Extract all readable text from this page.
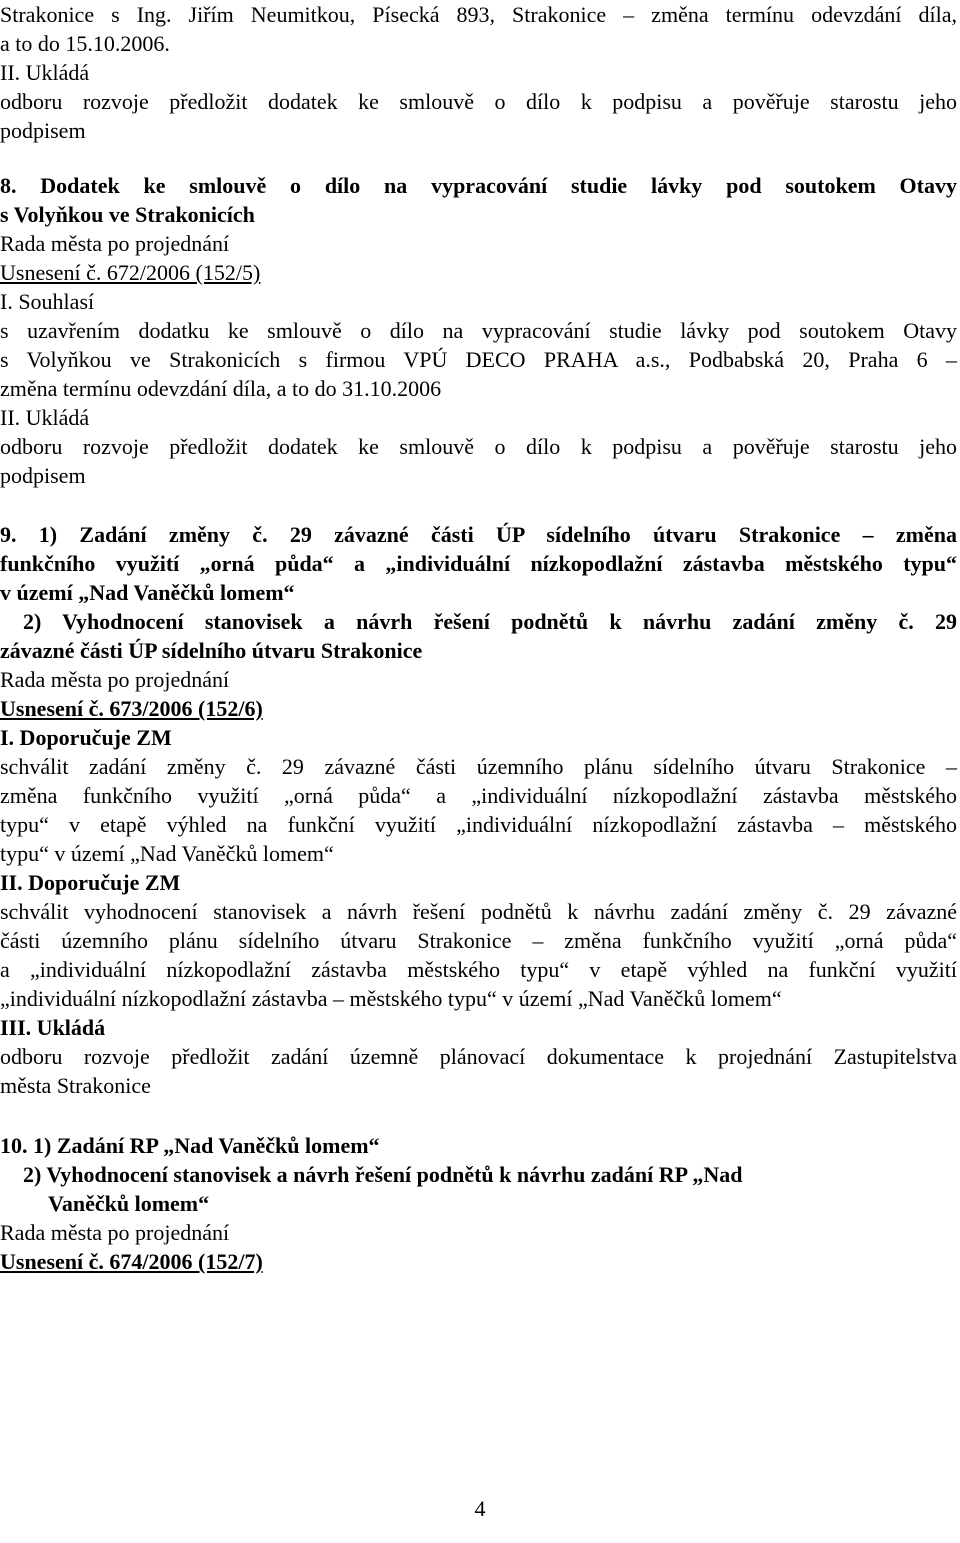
Strakonice s Ing. Jiřím Neumitkou, Písecká 893, Strakonice – změna termínu odevzdání díla,
a to do 15.10.2006.
II. Ukládá
odboru rozvoje předložit dodatek ke smlouvě o dílo k podpisu a pověřuje starostu jeho
podpisem
8. Dodatek ke smlouvě o dílo na vypracování studie lávky pod soutokem Otavy
s Volyňkou ve Strakonicích
Rada města po projednání
Usnesení č. 672/2006 (152/5)
I. Souhlasí
s uzavřením dodatku ke smlouvě o dílo na vypracování studie lávky pod soutokem Otavy
s Volyňkou ve Strakonicích s firmou VPÚ DECO PRAHA a.s., Podbabská 20, Praha 6 –
změna termínu odevzdání díla, a to do 31.10.2006
II. Ukládá
odboru rozvoje předložit dodatek ke smlouvě o dílo k podpisu a pověřuje starostu jeho
podpisem
9. 1) Zadání změny č. 29 závazné části ÚP sídelního útvaru Strakonice – změna
funkčního využití „orná půda“ a „individuální nízkopodlažní zástavba městského typu“
v území „Nad Vaněčků lomem“
2) Vyhodnocení stanovisek a návrh řešení podnětů k návrhu zadání změny č. 29
závazné části ÚP sídelního útvaru Strakonice
Rada města po projednání
Usnesení č. 673/2006 (152/6)
I. Doporučuje ZM
schválit zadání změny č. 29 závazné části územního plánu sídelního útvaru Strakonice –
změna funkčního využití „orná půda“ a „individuální nízkopodlažní zástavba městského
typu“ v etapě výhled na funkční využití „individuální nízkopodlažní zástavba – městského
typu“ v území „Nad Vaněčků lomem“
II. Doporučuje ZM
schválit vyhodnocení stanovisek a návrh řešení podnětů k návrhu zadání změny č. 29 závazné
části územního plánu sídelního útvaru Strakonice – změna funkčního využití „orná půda“
a „individuální nízkopodlažní zástavba městského typu“ v etapě výhled na funkční využití
„individuální nízkopodlažní zástavba – městského typu“ v území „Nad Vaněčků lomem“
III. Ukládá
odboru rozvoje předložit zadání územně plánovací dokumentace k projednání Zastupitelstva
města Strakonice
10. 1) Zadání RP „Nad Vaněčků lomem“
2) Vyhodnocení stanovisek a návrh řešení podnětů k návrhu zadání RP „Nad
Vaněčků lomem“
Rada města po projednání
Usnesení č. 674/2006 (152/7)
4
